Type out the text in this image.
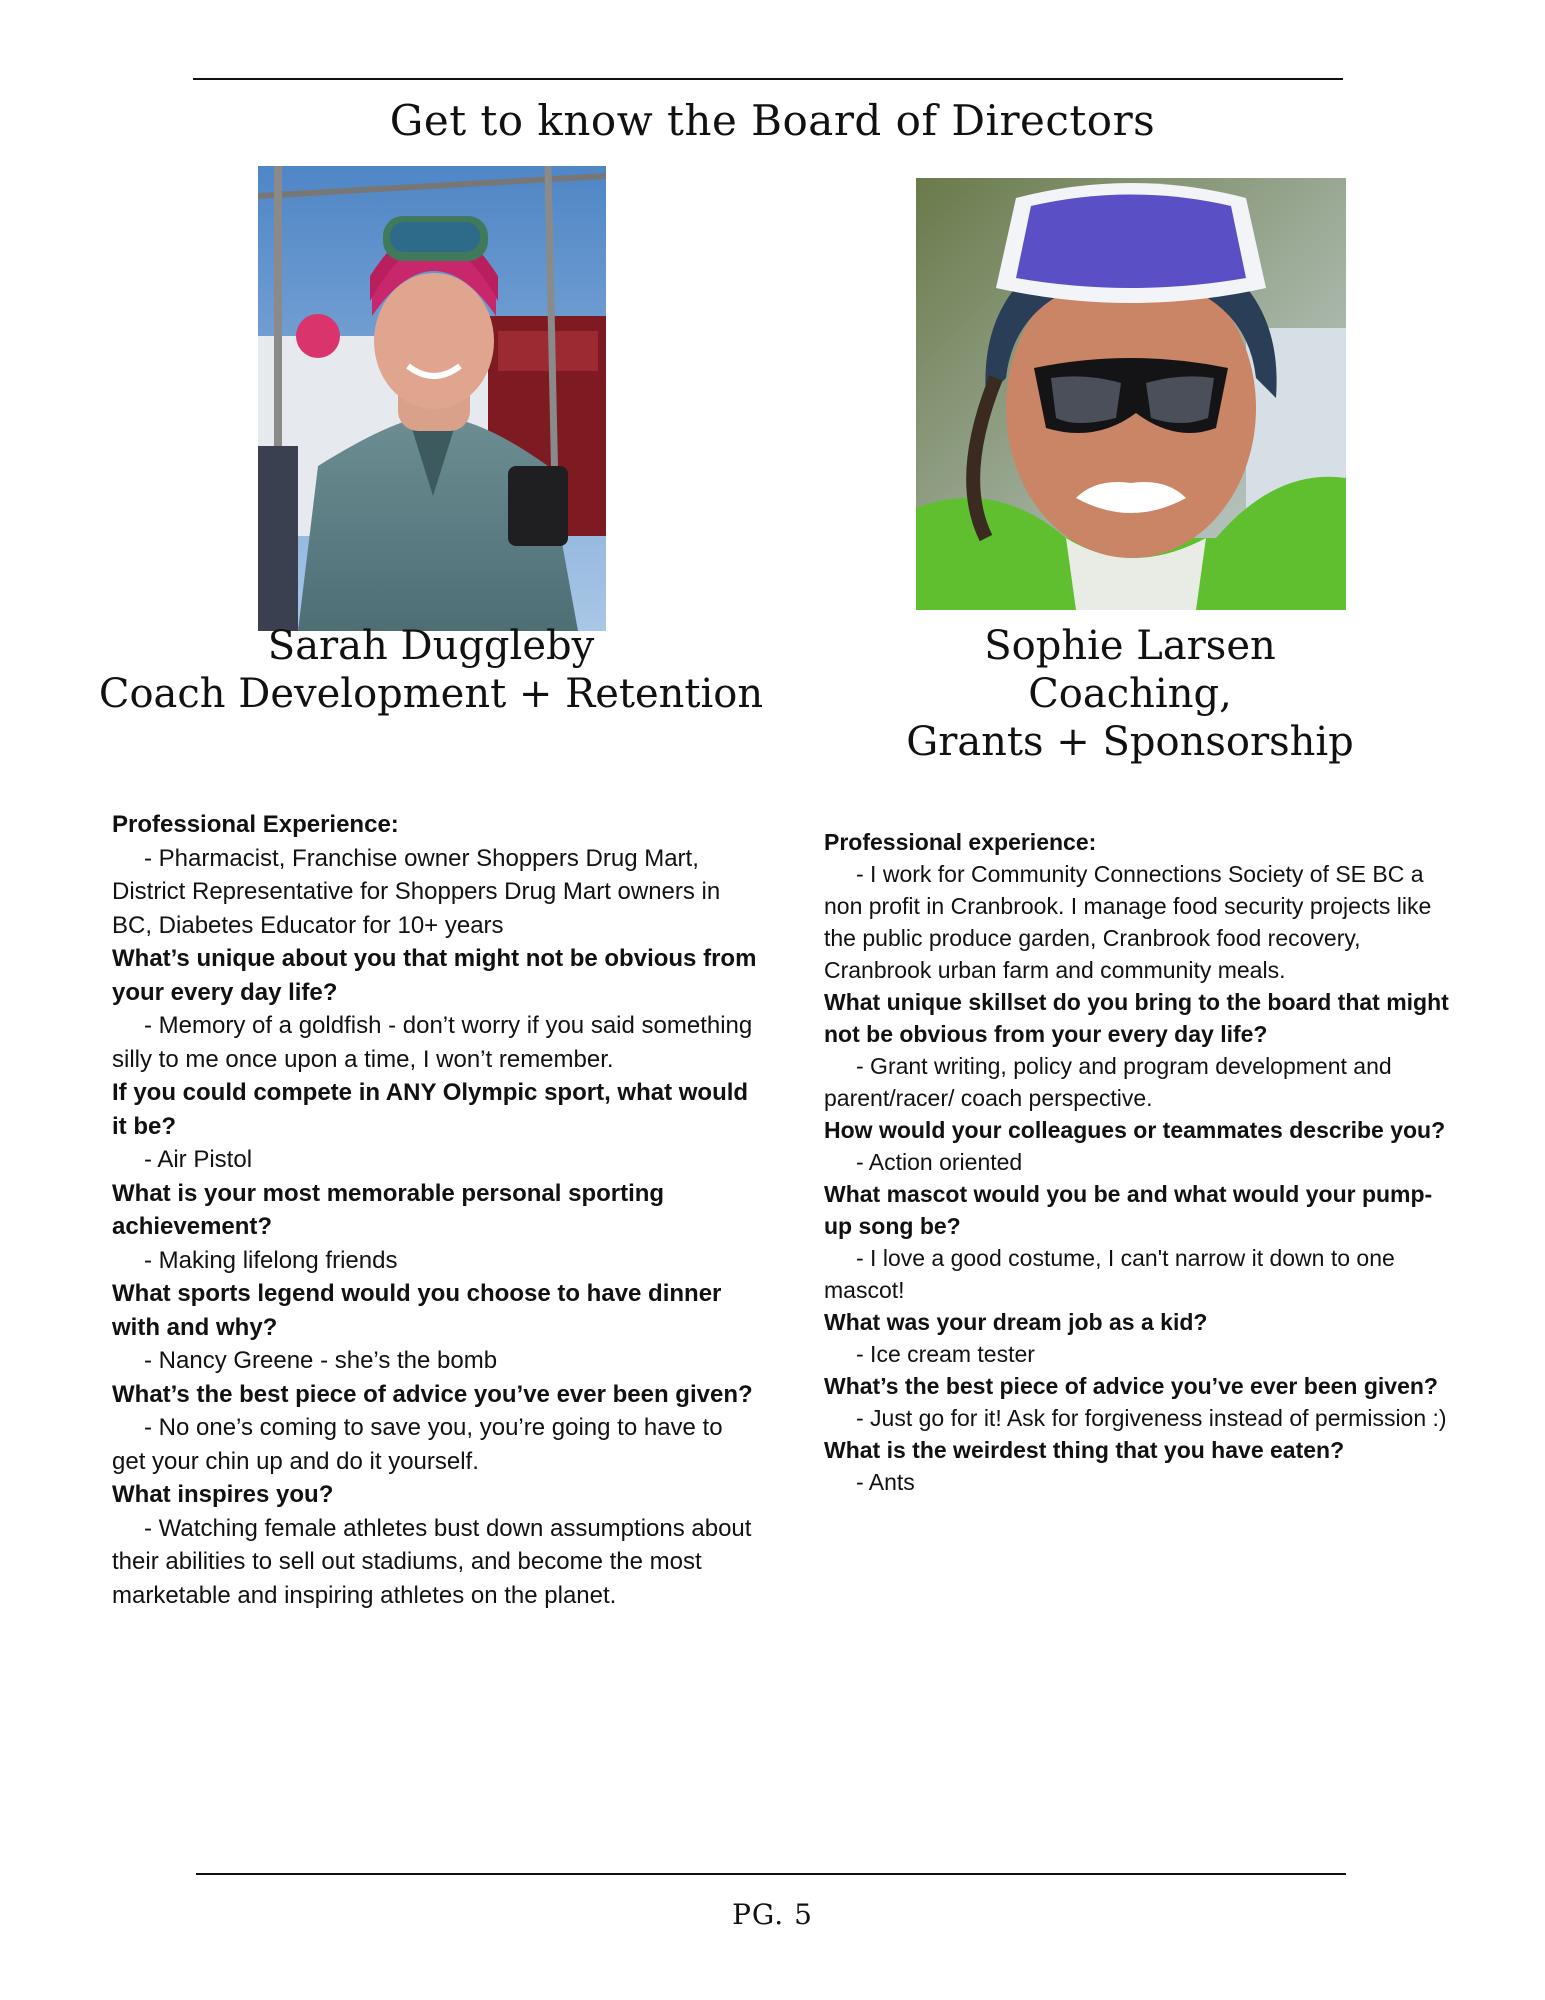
Get to know the Board of Directors
Sarah Duggleby
Coach Development + Retention
Sophie Larsen
Coaching,
Grants + Sponsorship
Professional Experience:
- Pharmacist, Franchise owner Shoppers Drug Mart, District Representative for Shoppers Drug Mart owners in BC, Diabetes Educator for 10+ years
What’s unique about you that might not be obvious from your every day life?
- Memory of a goldfish - don’t worry if you said something silly to me once upon a time, I won’t remember.
If you could compete in ANY Olympic sport, what would it be?
- Air Pistol
What is your most memorable personal sporting achievement?
- Making lifelong friends
What sports legend would you choose to have dinner with and why?
- Nancy Greene - she’s the bomb
What’s the best piece of advice you’ve ever been given?
- No one’s coming to save you, you’re going to have to get your chin up and do it yourself.
What inspires you?
- Watching female athletes bust down assumptions about their abilities to sell out stadiums, and become the most marketable and inspiring athletes on the planet.
Professional experience:
- I work for Community Connections Society of SE BC a non profit in Cranbrook. I manage food security projects like the public produce garden, Cranbrook food recovery, Cranbrook urban farm and community meals.
What unique skillset do you bring to the board that might not be obvious from your every day life?
- Grant writing, policy and program development and parent/racer/ coach perspective.
How would your colleagues or teammates describe you?
- Action oriented
What mascot would you be and what would your pump-up song be?
- I love a good costume, I can't narrow it down to one mascot!
What was your dream job as a kid?
- Ice cream tester
What’s the best piece of advice you’ve ever been given?
- Just go for it! Ask for forgiveness instead of permission :)
What is the weirdest thing that you have eaten?
- Ants
PG. 5
